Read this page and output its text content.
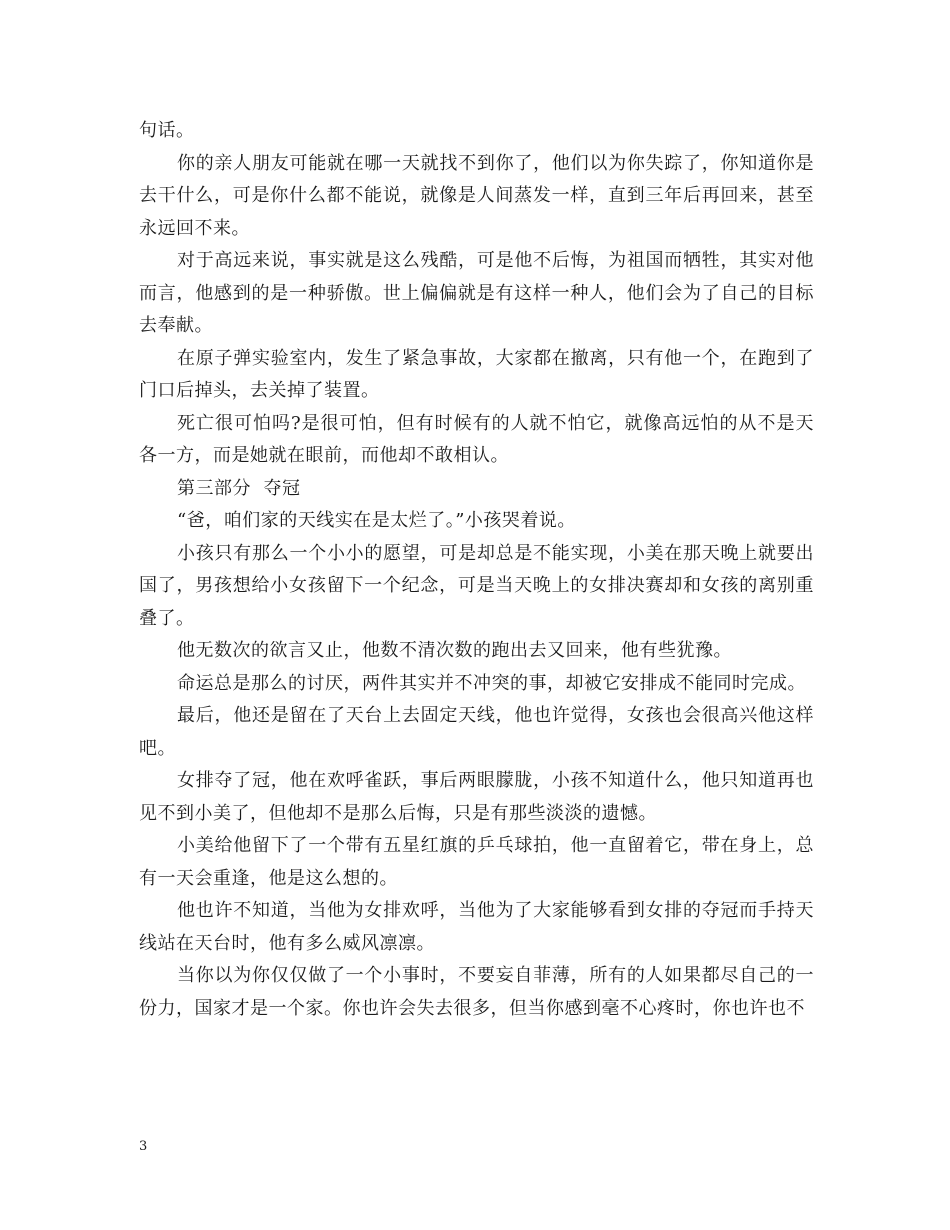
句话。

你的亲人朋友可能就在哪一天就找不到你了，他们以为你失踪了，你知道你是去干什么，可是你什么都不能说，就像是人间蒸发一样，直到三年后再回来，甚至永远回不来。

对于高远来说，事实就是这么残酷，可是他不后悔，为祖国而牺牲，其实对他而言，他感到的是一种骄傲。世上偏偏就是有这样一种人，他们会为了自己的目标去奉献。

在原子弹实验室内，发生了紧急事故，大家都在撤离，只有他一个，在跑到了门口后掉头，去关掉了装置。

死亡很可怕吗?是很可怕，但有时候有的人就不怕它，就像高远怕的从不是天各一方，而是她就在眼前，而他却不敢相认。

第三部分  夺冠

“爸，咱们家的天线实在是太烂了。”小孩哭着说。

小孩只有那么一个小小的愿望，可是却总是不能实现，小美在那天晚上就要出国了，男孩想给小女孩留下一个纪念，可是当天晚上的女排决赛却和女孩的离别重叠了。

他无数次的欲言又止，他数不清次数的跑出去又回来，他有些犹豫。

命运总是那么的讨厌，两件其实并不冲突的事，却被它安排成不能同时完成。

最后，他还是留在了天台上去固定天线，他也许觉得，女孩也会很高兴他这样吧。

女排夺了冠，他在欢呼雀跃，事后两眼朦胧，小孩不知道什么，他只知道再也见不到小美了，但他却不是那么后悔，只是有那些淡淡的遗憾。

小美给他留下了一个带有五星红旗的乒乓球拍，他一直留着它，带在身上，总有一天会重逢，他是这么想的。

他也许不知道，当他为女排欢呼，当他为了大家能够看到女排的夺冠而手持天线站在天台时，他有多么威风凛凛。

当你以为你仅仅做了一个小事时，不要妄自菲薄，所有的人如果都尽自己的一份力，国家才是一个家。你也许会失去很多，但当你感到毫不心疼时，你也许也不

3
